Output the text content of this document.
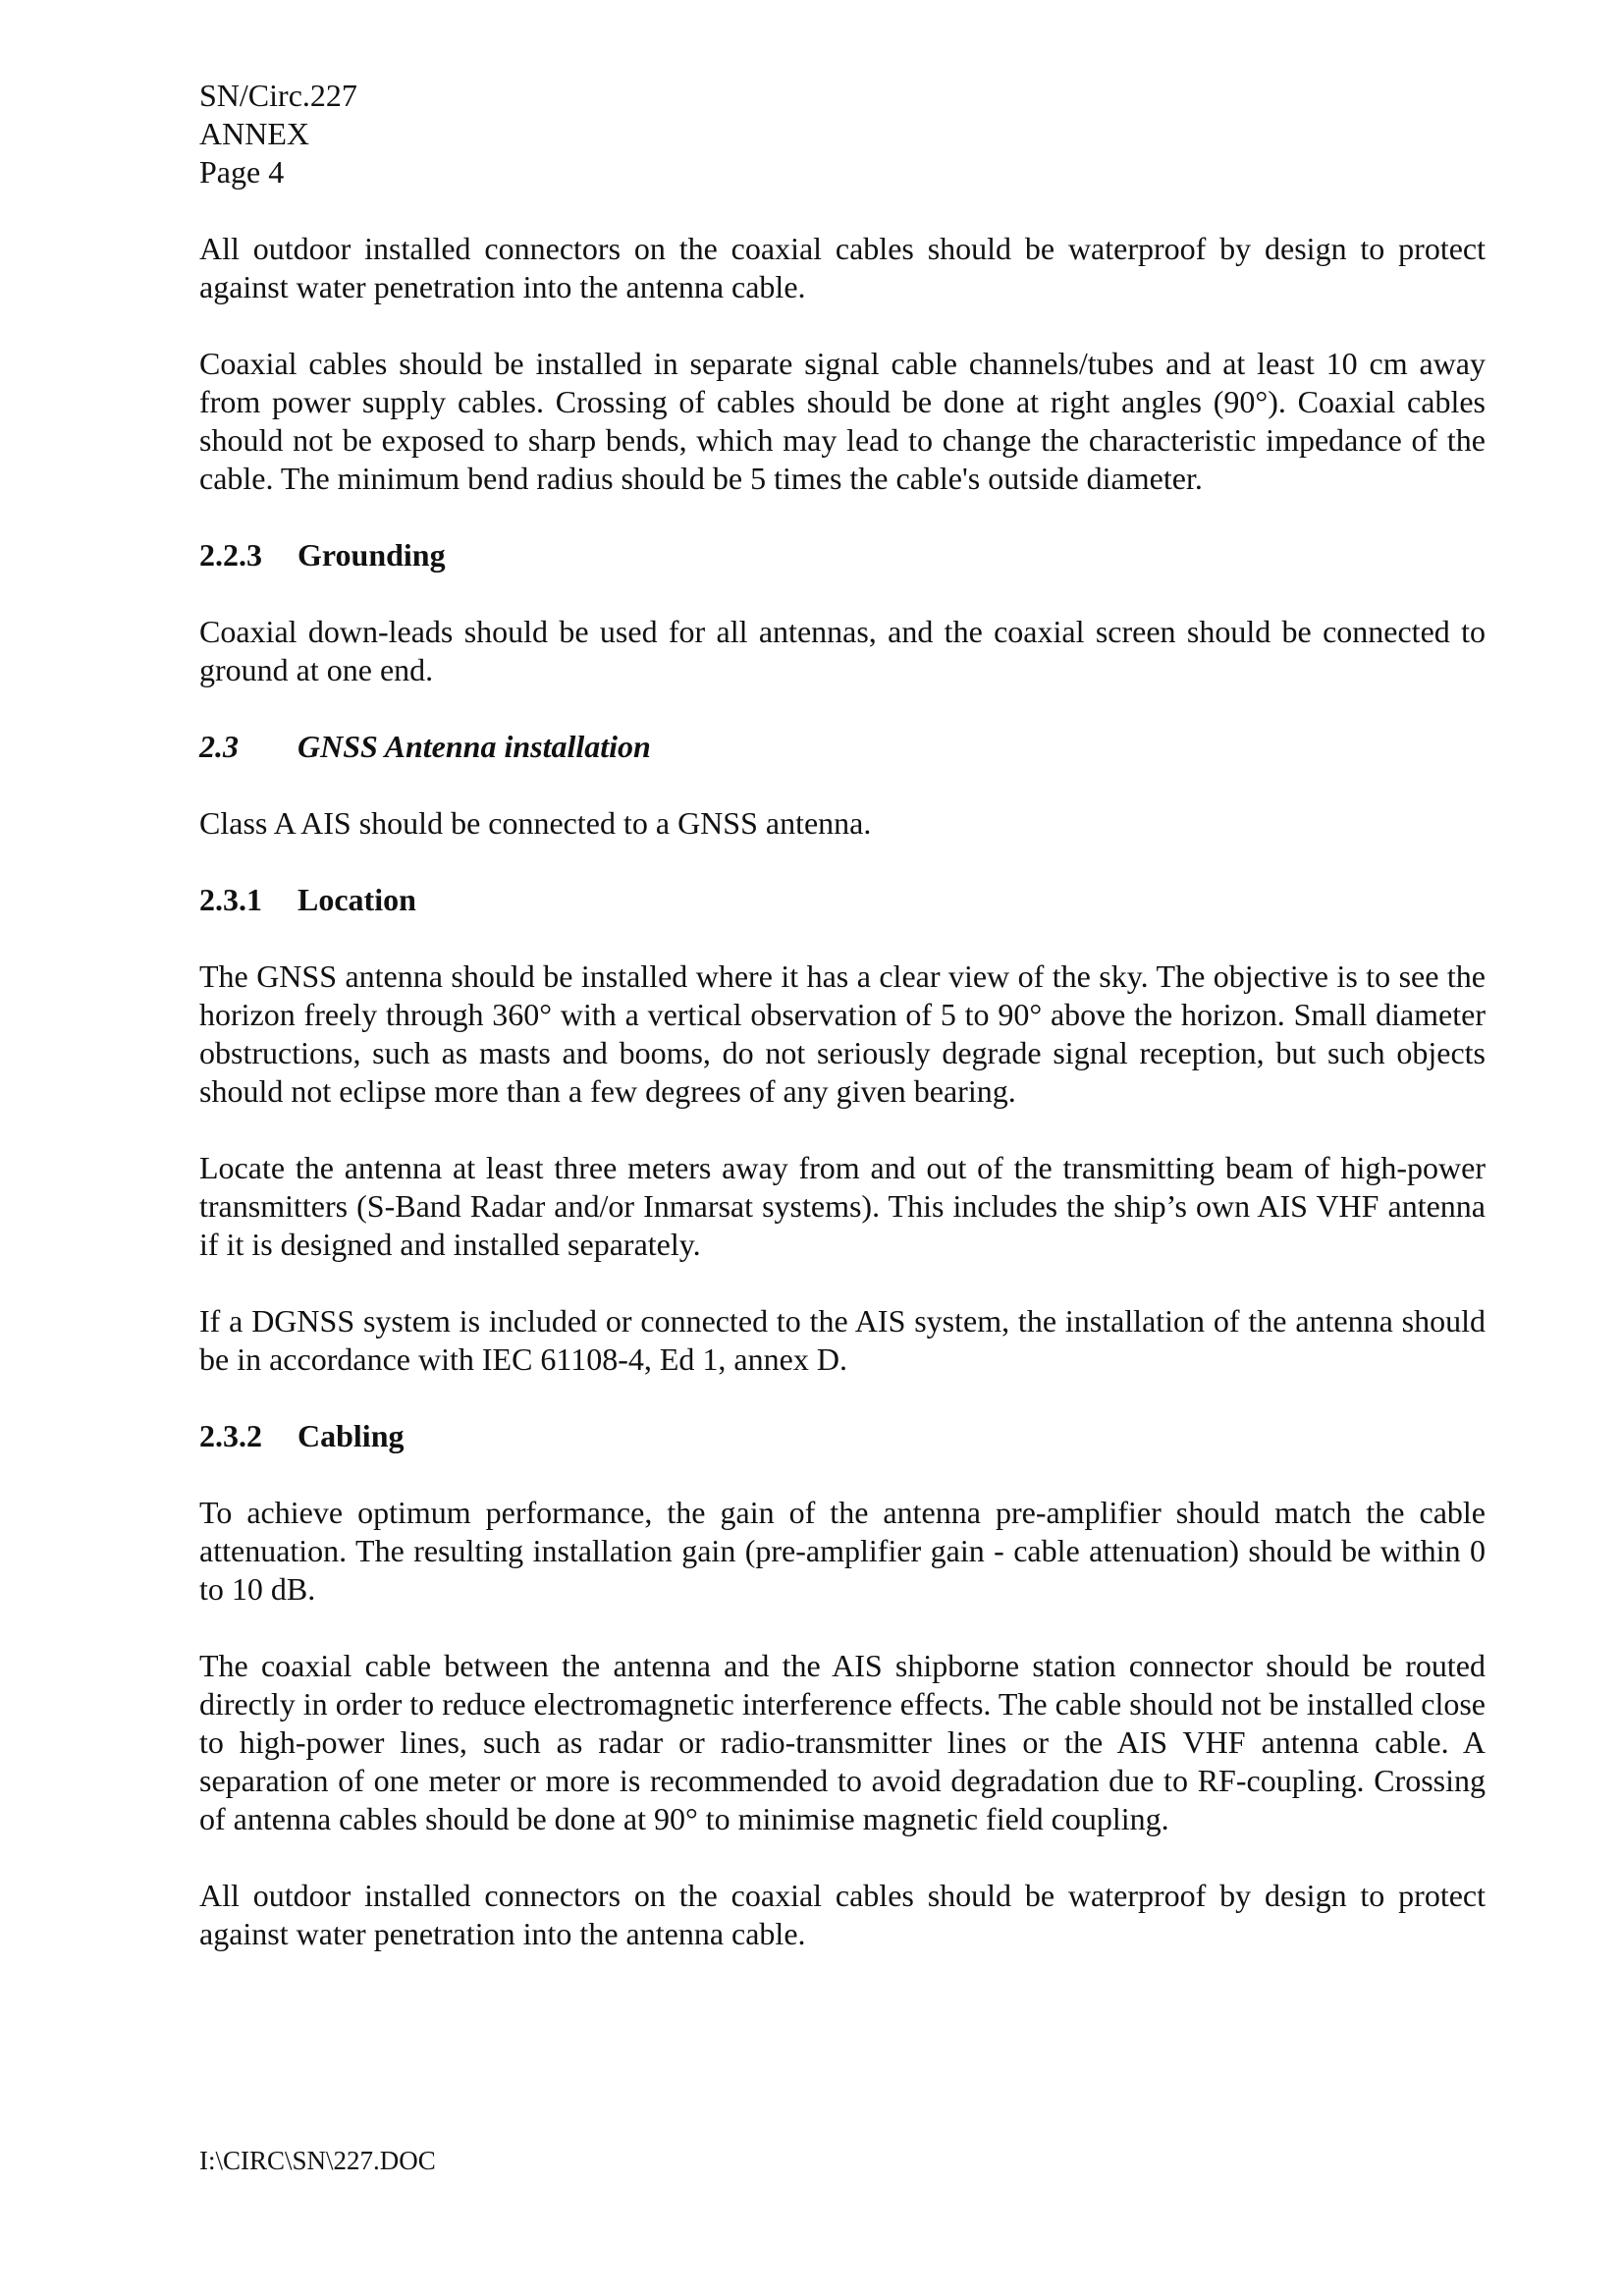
SN/Circ.227

ANNEX

Page 4

All outdoor installed connectors on the coaxial cables should be waterproof by design to protect against water penetration into the antenna cable.

Coaxial cables should be installed in separate signal cable channels/tubes and at least 10 cm away from power supply cables. Crossing of cables should be done at right angles (90°). Coaxial cables should not be exposed to sharp bends, which may lead to change the characteristic impedance of the cable. The minimum bend radius should be 5 times the cable's outside diameter.

2.2.3	Grounding

Coaxial down-leads should be used for all antennas, and the coaxial screen should be connected to ground at one end.

2.3	GNSS Antenna installation

Class A AIS should be connected to a GNSS antenna.

2.3.1	Location

The GNSS antenna should be installed where it has a clear view of the sky. The objective is to see the horizon freely through 360° with a vertical observation of 5 to 90° above the horizon. Small diameter obstructions, such as masts and booms, do not seriously degrade signal reception, but such objects should not eclipse more than a few degrees of any given bearing.

Locate the antenna at least three meters away from and out of the transmitting beam of high-power transmitters (S-Band Radar and/or Inmarsat systems). This includes the ship’s own AIS VHF antenna if it is designed and installed separately.

If a DGNSS system is included or connected to the AIS system, the installation of the antenna should be in accordance with IEC 61108-4, Ed 1, annex D.

2.3.2	Cabling

To achieve optimum performance, the gain of the antenna pre-amplifier should match the cable attenuation. The resulting installation gain (pre-amplifier gain - cable attenuation) should be within 0 to 10 dB.

The coaxial cable between the antenna and the AIS shipborne station connector should be routed directly in order to reduce electromagnetic interference effects. The cable should not be installed close to high-power lines, such as radar or radio-transmitter lines or the AIS VHF antenna cable. A separation of one meter or more is recommended to avoid degradation due to RF-coupling. Crossing of antenna cables should be done at 90° to minimise magnetic field coupling.

All outdoor installed connectors on the coaxial cables should be waterproof by design to protect against water penetration into the antenna cable.

I:\CIRC\SN\227.DOC
